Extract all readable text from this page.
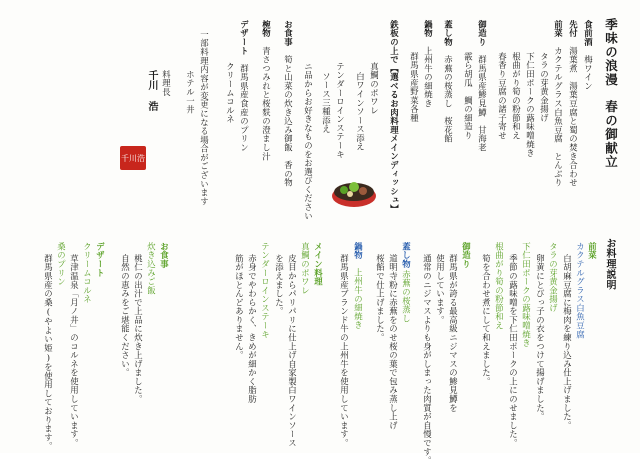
季味の浪漫　春の御献立
食前酒　梅ワイン
先付　湯葉煮　湯葉豆腐と蜀の焚き合わせ
前菜　カクテルグラス白魚豆腐　とんぶり
タラの芽黄金揚げ
下仁田ポークの蕗味噌焼き
根曲がり筍の粉節和え
春香り豆腐の諸子寄せ
御造り　群馬県産鯵見鱒　甘海老
霰ら胡瓜　鯛の細造り
蓋し物　赤蕪の桜蒸し　桜花餡
鍋物　上州牛の細焼き
群馬県産野菜各種
鉄板の上で【選べるお肉料理メインディッシュ】
真鯛のポワレ
白ワインソース添え
テンダーロインステーキ
ソース三種添え
ニ品からお好きなものをお選びください
お食事　筍と山菜の炊き込み御飯　香の物
椀物　青さつみれと桜麩の澄まし汁
デザート　群馬県産食産のプリン
クリームコルネ
一部料理内容が変更になる場合がございます
ホテル一井
料理長
千川　浩
千川浩
お料理説明
前菜
カクテルグラス白魚豆腐
白胡麻豆腐に梅肉を練り込み仕上げました。
タラの芽黄金揚げ
卵黄にとびっ子の衣をつけて揚げました。
下仁田ポークの蕗味噌焼き
季節の蕗味噌を下仁田ポークの上にのせました。
根曲がり筍の粉節和え
筍を合わせ煮にして和えました。
御造り
群馬県が誇る最高級ニジマスの鯵見鱒を
使用しています。
通常のニジマスよりも身がしまった肉質が自慢です。
蓋し物
赤蕪の桜蒸し
道明寺粉に赤蕪をのせ桜の葉で包み蒸し上げ
桜餡で仕上げました。
鍋物
上州牛の細焼き
群馬県産ブランド牛の上州牛を使用しています。
メイン料理
真鯛のポワレ
皮目からパリパリに仕上げ自家製白ワインソース
を添えました。
テンダーロインステーキ
赤身でやわらかく、きめが細かく脂肪
筋がほとんどありません。
お食事
炊き込みご飯
桃仁の出汁で上品に炊き上げました。
自然の恵みをご堪能ください。
デザート
クリームコルネ
草津温泉「月ノ井」のコルネを使用しています。
桑のプリン
群馬県産の桑(やよい姫)を使用しております。
